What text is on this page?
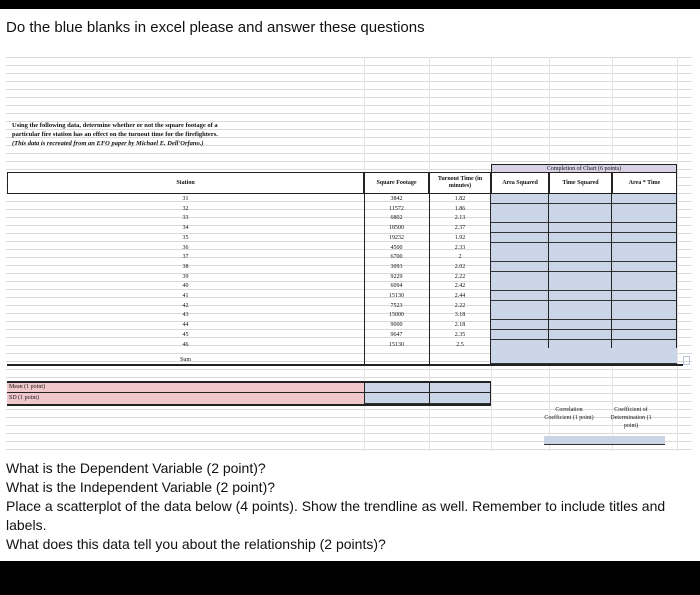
Do the blue blanks in excel please and answer these questions
Using the following data, determine whether or not the square footage of a
particular fire station has an effect on the turnout time for the firefighters.
(This data is recreated from an EFO paper by Michael E. Dell'Orfano.)
Completion of Chart (6 points)
Station	Square Footage
Turnout Time (in minutes)
Area Squared	Time Squared	Area * Time
31	3842	1.82
32	11572	1.86
33	6802	2.13
34	18500	2.37
35	19232	1.92
36	4500	2.33
37	6700	2
38	3093	2.02
39	9229	2.22
40	6094	2.42
41	15130	2.44
42	7523	2.22
43	15000	3.18
44	9000	2.18
45	9647	2.35
46	15130	2.5
Sum
Mean (1 point)
SD (1 point)
Correlation Coefficient (1 point)
Coefficient of Determination (1 point)
What is the Dependent Variable (2 point)?
What is the Independent Variable (2 point)?
Place a scatterplot of the data below (4 points). Show the trendline as well. Remember to include titles and labels.
What does this data tell you about the relationship (2 points)?
